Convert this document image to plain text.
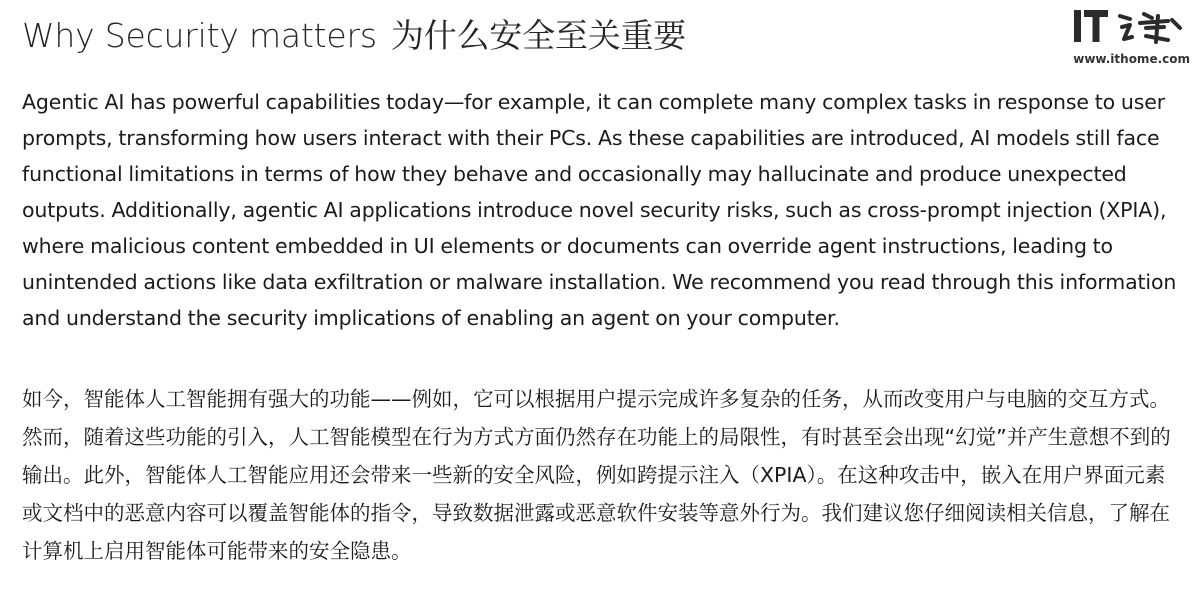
Why Security matters 为什么安全至关重要

www.ithome.com

Agentic AI has powerful capabilities today—for example, it can complete many complex tasks in response to user prompts, transforming how users interact with their PCs. As these capabilities are introduced, AI models still face functional limitations in terms of how they behave and occasionally may hallucinate and produce unexpected outputs. Additionally, agentic AI applications introduce novel security risks, such as cross-prompt injection (XPIA), where malicious content embedded in UI elements or documents can override agent instructions, leading to unintended actions like data exfiltration or malware installation. We recommend you read through this information and understand the security implications of enabling an agent on your computer.

如今，智能体人工智能拥有强大的功能——例如，它可以根据用户提示完成许多复杂的任务，从而改变用户与电脑的交互方式。然而，随着这些功能的引入，人工智能模型在行为方式方面仍然存在功能上的局限性，有时甚至会出现“幻觉”并产生意想不到的输出。此外，智能体人工智能应用还会带来一些新的安全风险，例如跨提示注入（XPIA）。在这种攻击中，嵌入在用户界面元素或文档中的恶意内容可以覆盖智能体的指令，导致数据泄露或恶意软件安装等意外行为。我们建议您仔细阅读相关信息，了解在计算机上启用智能体可能带来的安全隐患。
